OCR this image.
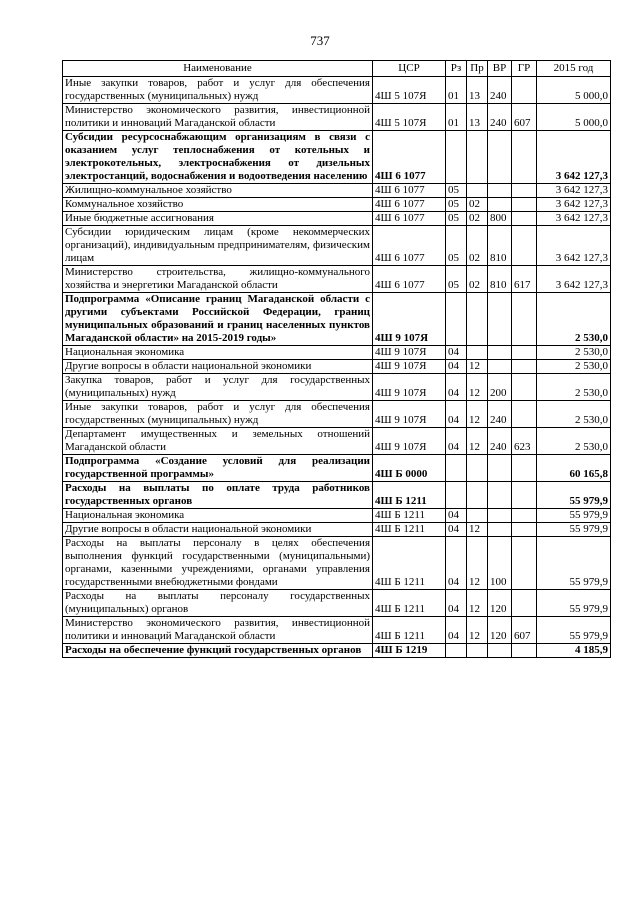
737
Наименование	ЦСР	Рз	Пр	ВР	ГР	2015 год
Иные закупки товаров, работ и услуг для обеспечения государственных (муниципальных) нужд	4Ш 5 107Я	01	13	240		5 000,0
Министерство экономического развития, инвестиционной политики и инноваций Магаданской области	4Ш 5 107Я	01	13	240	607	5 000,0
Субсидии ресурсоснабжающим организациям в связи с оказанием услуг теплоснабжения от котельных и электрокотельных, электроснабжения от дизельных электростанций, водоснабжения и водоотведения населению	4Ш 6 1077					3 642 127,3
Жилищно-коммунальное хозяйство	4Ш 6 1077	05				3 642 127,3
Коммунальное хозяйство	4Ш 6 1077	05	02			3 642 127,3
Иные бюджетные ассигнования	4Ш 6 1077	05	02	800		3 642 127,3
Субсидии юридическим лицам (кроме некоммерческих организаций), индивидуальным предпринимателям, физическим лицам	4Ш 6 1077	05	02	810		3 642 127,3
Министерство строительства, жилищно-коммунального хозяйства и энергетики Магаданской области	4Ш 6 1077	05	02	810	617	3 642 127,3
Подпрограмма «Описание границ Магаданской области с другими субъектами Российской Федерации, границ муниципальных образований и границ населенных пунктов Магаданской области» на 2015-2019 годы»	4Ш 9 107Я					2 530,0
Национальная экономика	4Ш 9 107Я	04				2 530,0
Другие вопросы в области национальной экономики	4Ш 9 107Я	04	12			2 530,0
Закупка товаров, работ и услуг для государственных (муниципальных) нужд	4Ш 9 107Я	04	12	200		2 530,0
Иные закупки товаров, работ и услуг для обеспечения государственных (муниципальных) нужд	4Ш 9 107Я	04	12	240		2 530,0
Департамент имущественных и земельных отношений Магаданской области	4Ш 9 107Я	04	12	240	623	2 530,0
Подпрограмма «Создание условий для реализации государственной программы»	4Ш Б 0000					60 165,8
Расходы на выплаты по оплате труда работников государственных органов	4Ш Б 1211					55 979,9
Национальная экономика	4Ш Б 1211	04				55 979,9
Другие вопросы в области национальной экономики	4Ш Б 1211	04	12			55 979,9
Расходы на выплаты персоналу в целях обеспечения выполнения функций государственными (муниципальными) органами, казенными учреждениями, органами управления государственными внебюджетными фондами	4Ш Б 1211	04	12	100		55 979,9
Расходы на выплаты персоналу государственных (муниципальных) органов	4Ш Б 1211	04	12	120		55 979,9
Министерство экономического развития, инвестиционной политики и инноваций Магаданской области	4Ш Б 1211	04	12	120	607	55 979,9
Расходы на обеспечение функций государственных органов	4Ш Б 1219					4 185,9
